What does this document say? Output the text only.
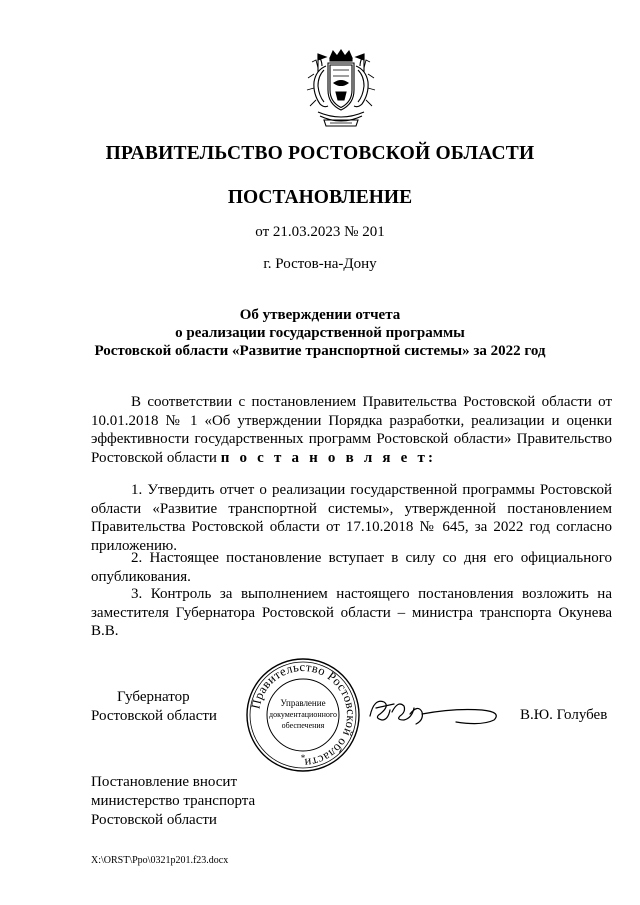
ПРАВИТЕЛЬСТВО РОСТОВСКОЙ ОБЛАСТИ
ПОСТАНОВЛЕНИЕ
от 21.03.2023 № 201
г. Ростов-на-Дону
Об утверждении отчета
о реализации государственной программы
Ростовской области «Развитие транспортной системы» за 2022 год

В соответствии с постановлением Правительства Ростовской области от 10.01.2018 № 1 «Об утверждении Порядка разработки, реализации и оценки эффективности государственных программ Ростовской области» Правительство Ростовской области п о с т а н о в л я е т:

1. Утвердить отчет о реализации государственной программы Ростовской области «Развитие транспортной системы», утвержденной постановлением Правительства Ростовской области от 17.10.2018 № 645, за 2022 год согласно приложению.

2. Настоящее постановление вступает в силу со дня его официального опубликования.

3. Контроль за выполнением настоящего постановления возложить на заместителя Губернатора Ростовской области – министра транспорта Окунева В.В.

Губернатор
Ростовской области
Правительство Ростовской области
*
Управление
документационного
обеспечения
В.Ю. Голубев
Постановление вносит
министерство транспорта
Ростовской области
X:\ORST\Ppo\0321p201.f23.docx
